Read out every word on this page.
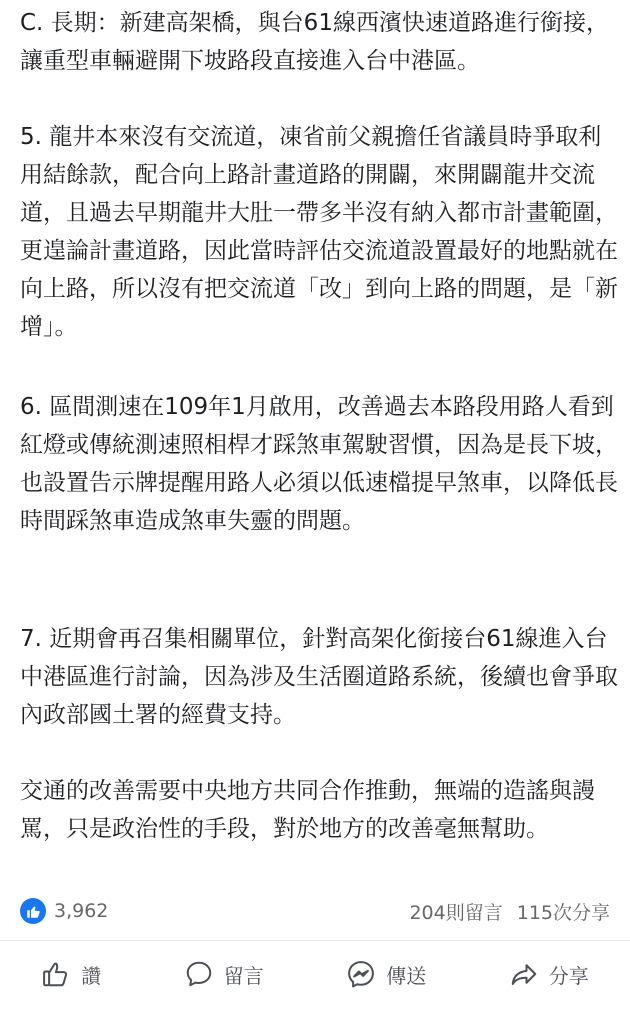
C. 長期：新建高架橋，與台61線西濱快速道路進行銜接，讓重型車輛避開下坡路段直接進入台中港區。

5. 龍井本來沒有交流道，凍省前父親擔任省議員時爭取利用結餘款，配合向上路計畫道路的開闢，來開闢龍井交流道，且過去早期龍井大肚一帶多半沒有納入都市計畫範圍，更遑論計畫道路，因此當時評估交流道設置最好的地點就在向上路，所以沒有把交流道「改」到向上路的問題，是「新增」。

6. 區間測速在109年1月啟用，改善過去本路段用路人看到紅燈或傳統測速照相桿才踩煞車駕駛習慣，因為是長下坡，也設置告示牌提醒用路人必須以低速檔提早煞車，以降低長時間踩煞車造成煞車失靈的問題。

7. 近期會再召集相關單位，針對高架化銜接台61線進入台中港區進行討論，因為涉及生活圈道路系統，後續也會爭取內政部國土署的經費支持。

交通的改善需要中央地方共同合作推動，無端的造謠與謾罵，只是政治性的手段，對於地方的改善毫無幫助。

3,962	204則留言 115次分享
讚	留言	傳送	分享
